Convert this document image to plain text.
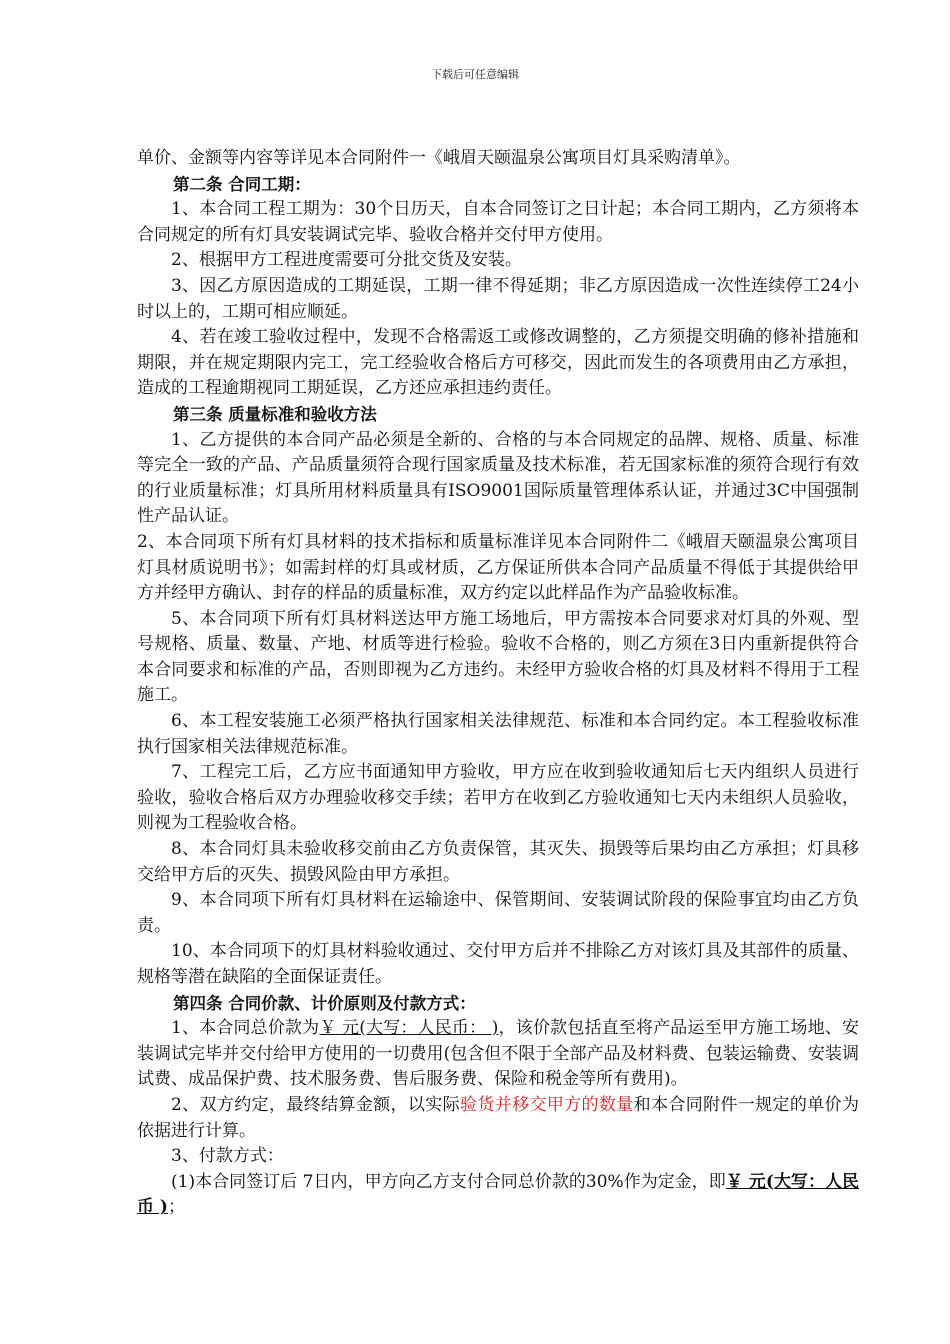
下载后可任意编辑

单价、金额等内容等详见本合同附件一《峨眉天颐温泉公寓项目灯具采购清单》。

第二条 合同工期：

1、本合同工程工期为：30个日历天，自本合同签订之日计起；本合同工期内，乙方须将本合同规定的所有灯具安装调试完毕、验收合格并交付甲方使用。

2、根据甲方工程进度需要可分批交货及安装。

3、因乙方原因造成的工期延误，工期一律不得延期；非乙方原因造成一次性连续停工24小时以上的，工期可相应顺延。

4、若在竣工验收过程中，发现不合格需返工或修改调整的，乙方须提交明确的修补措施和期限，并在规定期限内完工，完工经验收合格后方可移交，因此而发生的各项费用由乙方承担，造成的工程逾期视同工期延误，乙方还应承担违约责任。

第三条 质量标准和验收方法

1、乙方提供的本合同产品必须是全新的、合格的与本合同规定的品牌、规格、质量、标准等完全一致的产品、产品质量须符合现行国家质量及技术标准，若无国家标准的须符合现行有效的行业质量标准；灯具所用材料质量具有ISO9001国际质量管理体系认证，并通过3C中国强制性产品认证。

2、本合同项下所有灯具材料的技术指标和质量标准详见本合同附件二《峨眉天颐温泉公寓项目灯具材质说明书》；如需封样的灯具或材质，乙方保证所供本合同产品质量不得低于其提供给甲方并经甲方确认、封存的样品的质量标准，双方约定以此样品作为产品验收标准。

5、本合同项下所有灯具材料送达甲方施工场地后，甲方需按本合同要求对灯具的外观、型号规格、质量、数量、产地、材质等进行检验。验收不合格的，则乙方须在3日内重新提供符合本合同要求和标准的产品，否则即视为乙方违约。未经甲方验收合格的灯具及材料不得用于工程施工。

6、本工程安装施工必须严格执行国家相关法律规范、标准和本合同约定。本工程验收标准执行国家相关法律规范标准。

7、工程完工后，乙方应书面通知甲方验收，甲方应在收到验收通知后七天内组织人员进行验收，验收合格后双方办理验收移交手续；若甲方在收到乙方验收通知七天内未组织人员验收，则视为工程验收合格。

8、本合同灯具未验收移交前由乙方负责保管，其灭失、损毁等后果均由乙方承担；灯具移交给甲方后的灭失、损毁风险由甲方承担。

9、本合同项下所有灯具材料在运输途中、保管期间、安装调试阶段的保险事宜均由乙方负责。

10、本合同项下的灯具材料验收通过、交付甲方后并不排除乙方对该灯具及其部件的质量、规格等潜在缺陷的全面保证责任。

第四条 合同价款、计价原则及付款方式：

1、本合同总价款为￥ 元(大写：人民币： )，该价款包括直至将产品运至甲方施工场地、安装调试完毕并交付给甲方使用的一切费用(包含但不限于全部产品及材料费、包装运输费、安装调试费、成品保护费、技术服务费、售后服务费、保险和税金等所有费用)。

2、双方约定，最终结算金额，以实际验货并移交甲方的数量和本合同附件一规定的单价为依据进行计算。

3、付款方式：

(1)本合同签订后 7日内，甲方向乙方支付合同总价款的30%作为定金，即￥ 元(大写：人民币 )；
